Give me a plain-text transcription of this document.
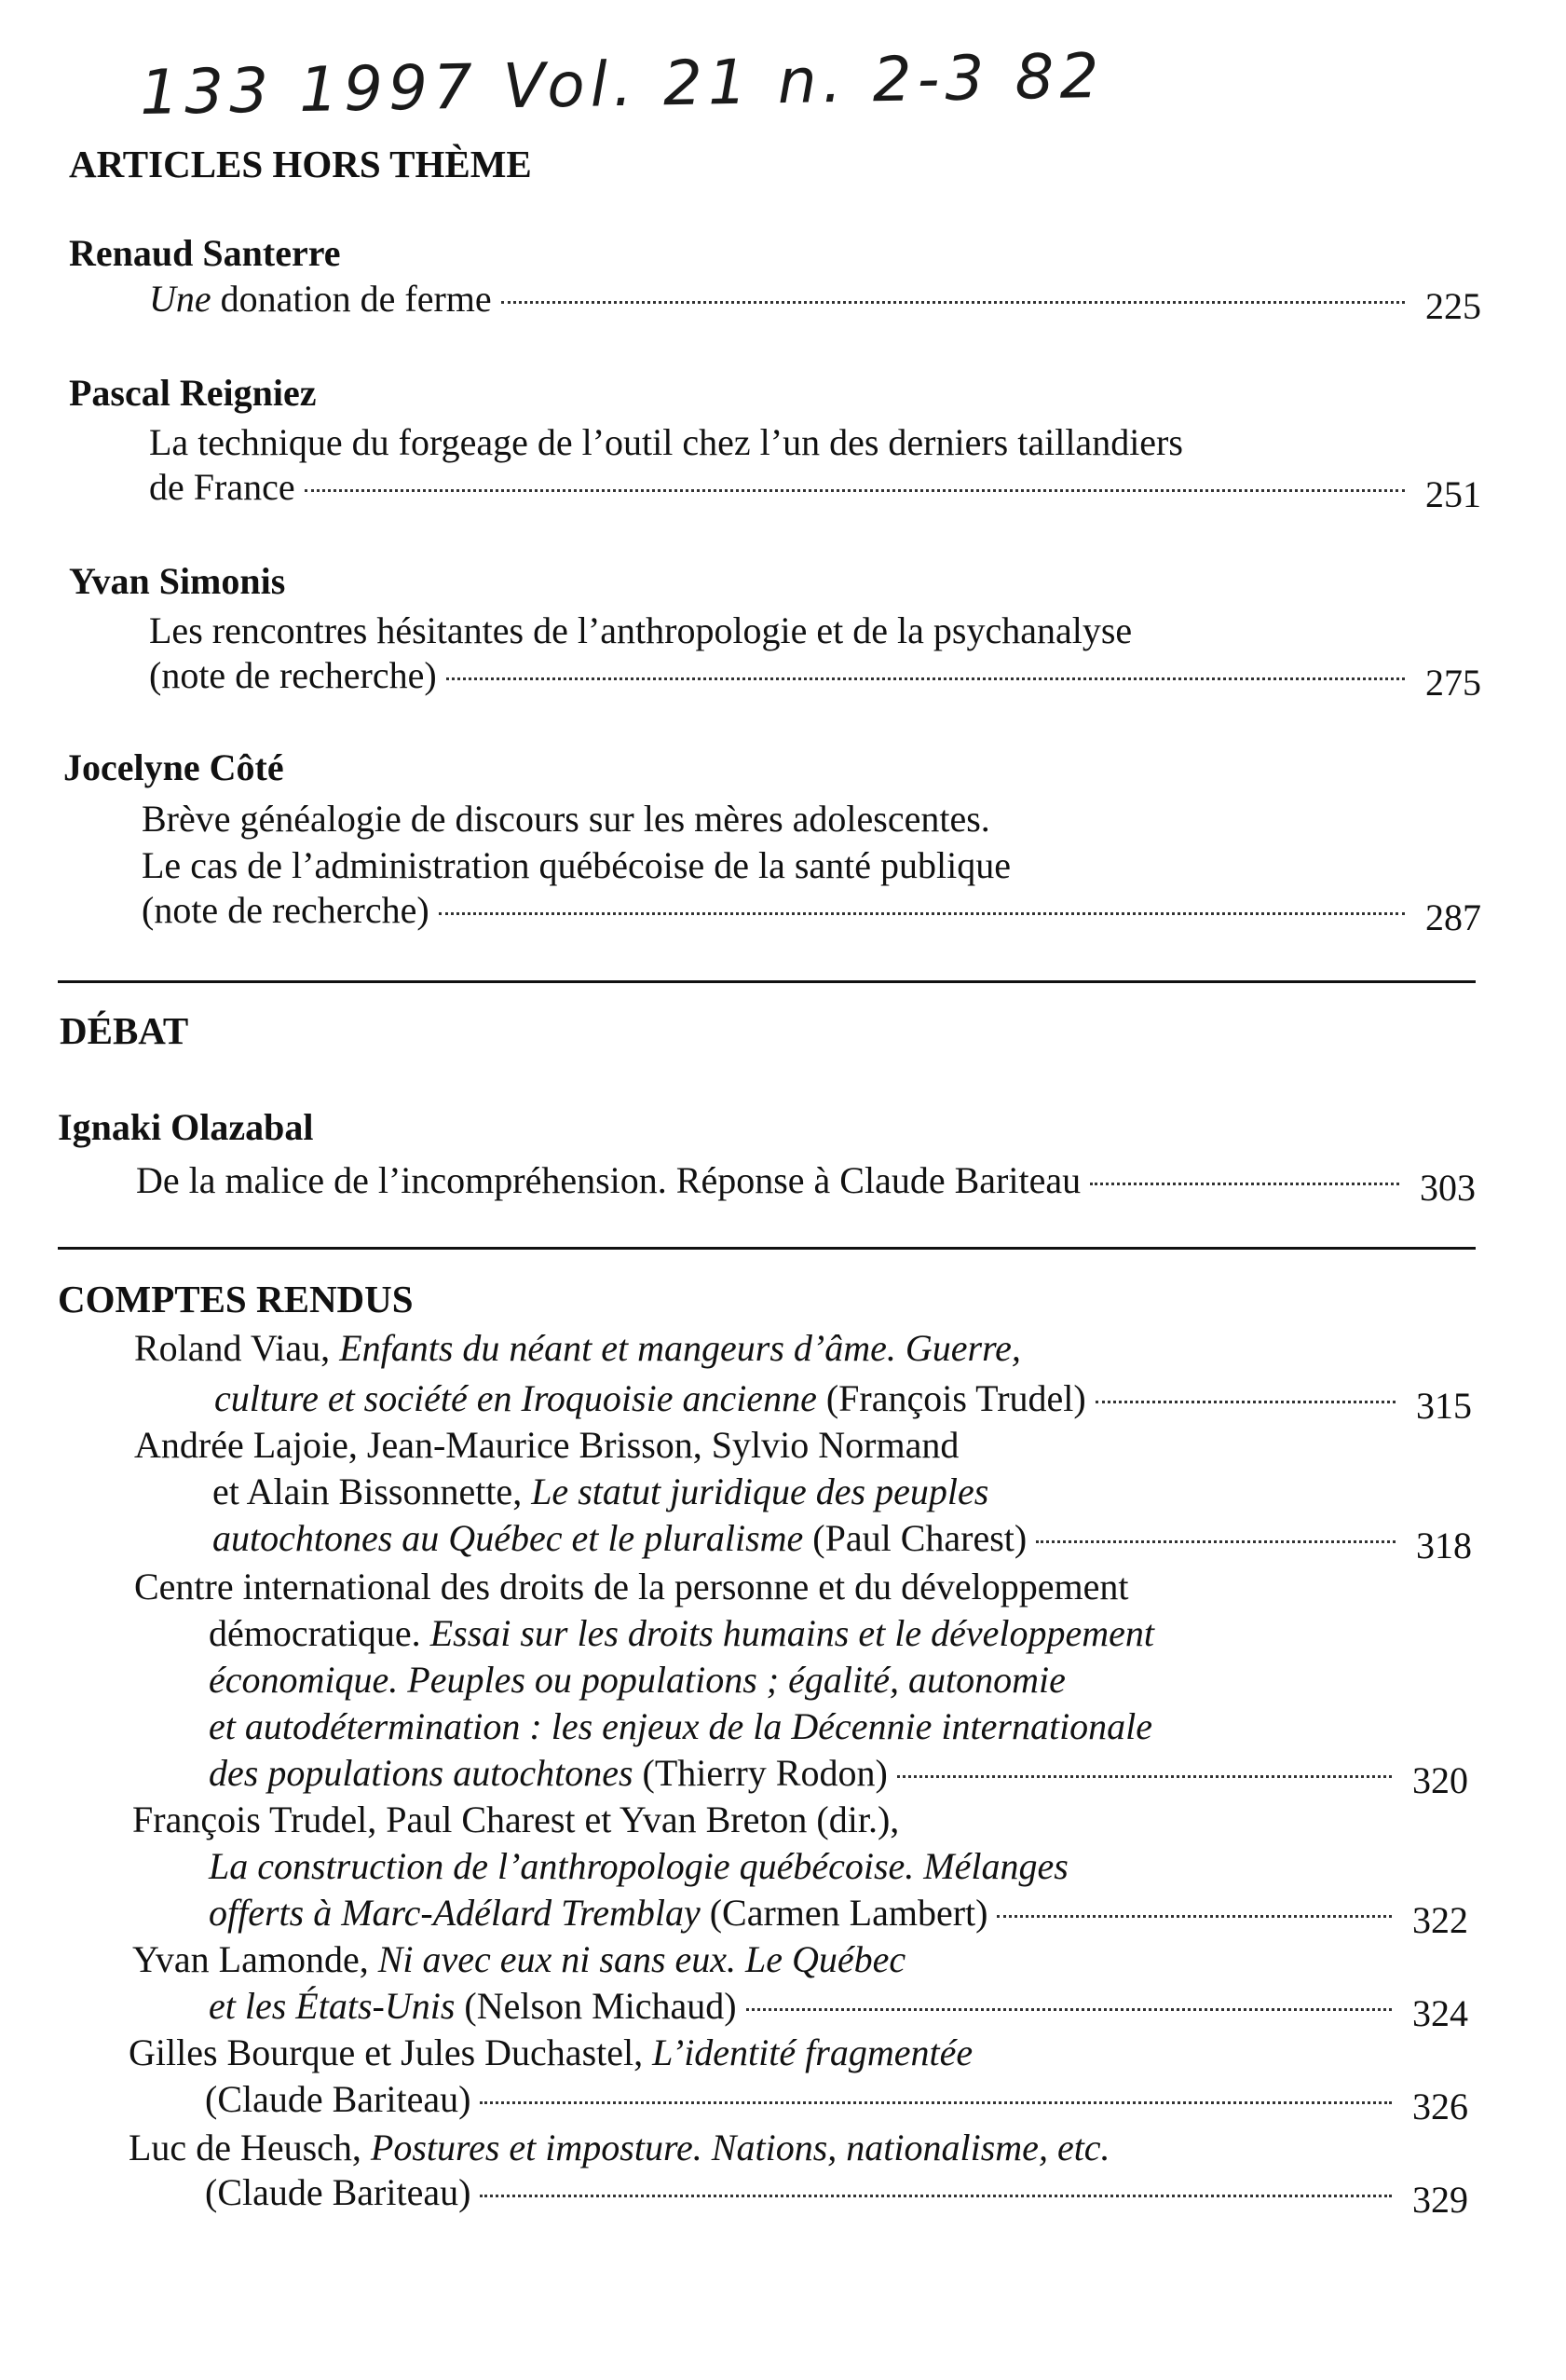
133 1997 Vol. 21 n. 2-3 82
ARTICLES HORS THÈME
Renaud Santerre
Une donation de ferme	225
Pascal Reigniez
La technique du forgeage de l’outil chez l’un des derniers taillandiers
de France	251
Yvan Simonis
Les rencontres hésitantes de l’anthropologie et de la psychanalyse
(note de recherche)	275
Jocelyne Côté
Brève généalogie de discours sur les mères adolescentes.
Le cas de l’administration québécoise de la santé publique
(note de recherche)	287
DÉBAT
Ignaki Olazabal
De la malice de l’incompréhension. Réponse à Claude Bariteau	303
COMPTES RENDUS
Roland Viau, Enfants du néant et mangeurs d’âme. Guerre,
culture et société en Iroquoisie ancienne (François Trudel)	315
Andrée Lajoie, Jean-Maurice Brisson, Sylvio Normand
et Alain Bissonnette, Le statut juridique des peuples
autochtones au Québec et le pluralisme (Paul Charest)	318
Centre international des droits de la personne et du développement
démocratique. Essai sur les droits humains et le développement
économique. Peuples ou populations ; égalité, autonomie
et autodétermination : les enjeux de la Décennie internationale
des populations autochtones (Thierry Rodon)	320
François Trudel, Paul Charest et Yvan Breton (dir.),
La construction de l’anthropologie québécoise. Mélanges
offerts à Marc-Adélard Tremblay (Carmen Lambert)	322
Yvan Lamonde, Ni avec eux ni sans eux. Le Québec
et les États-Unis (Nelson Michaud)	324
Gilles Bourque et Jules Duchastel, L’identité fragmentée
(Claude Bariteau)	326
Luc de Heusch, Postures et imposture. Nations, nationalisme, etc.
(Claude Bariteau)	329
